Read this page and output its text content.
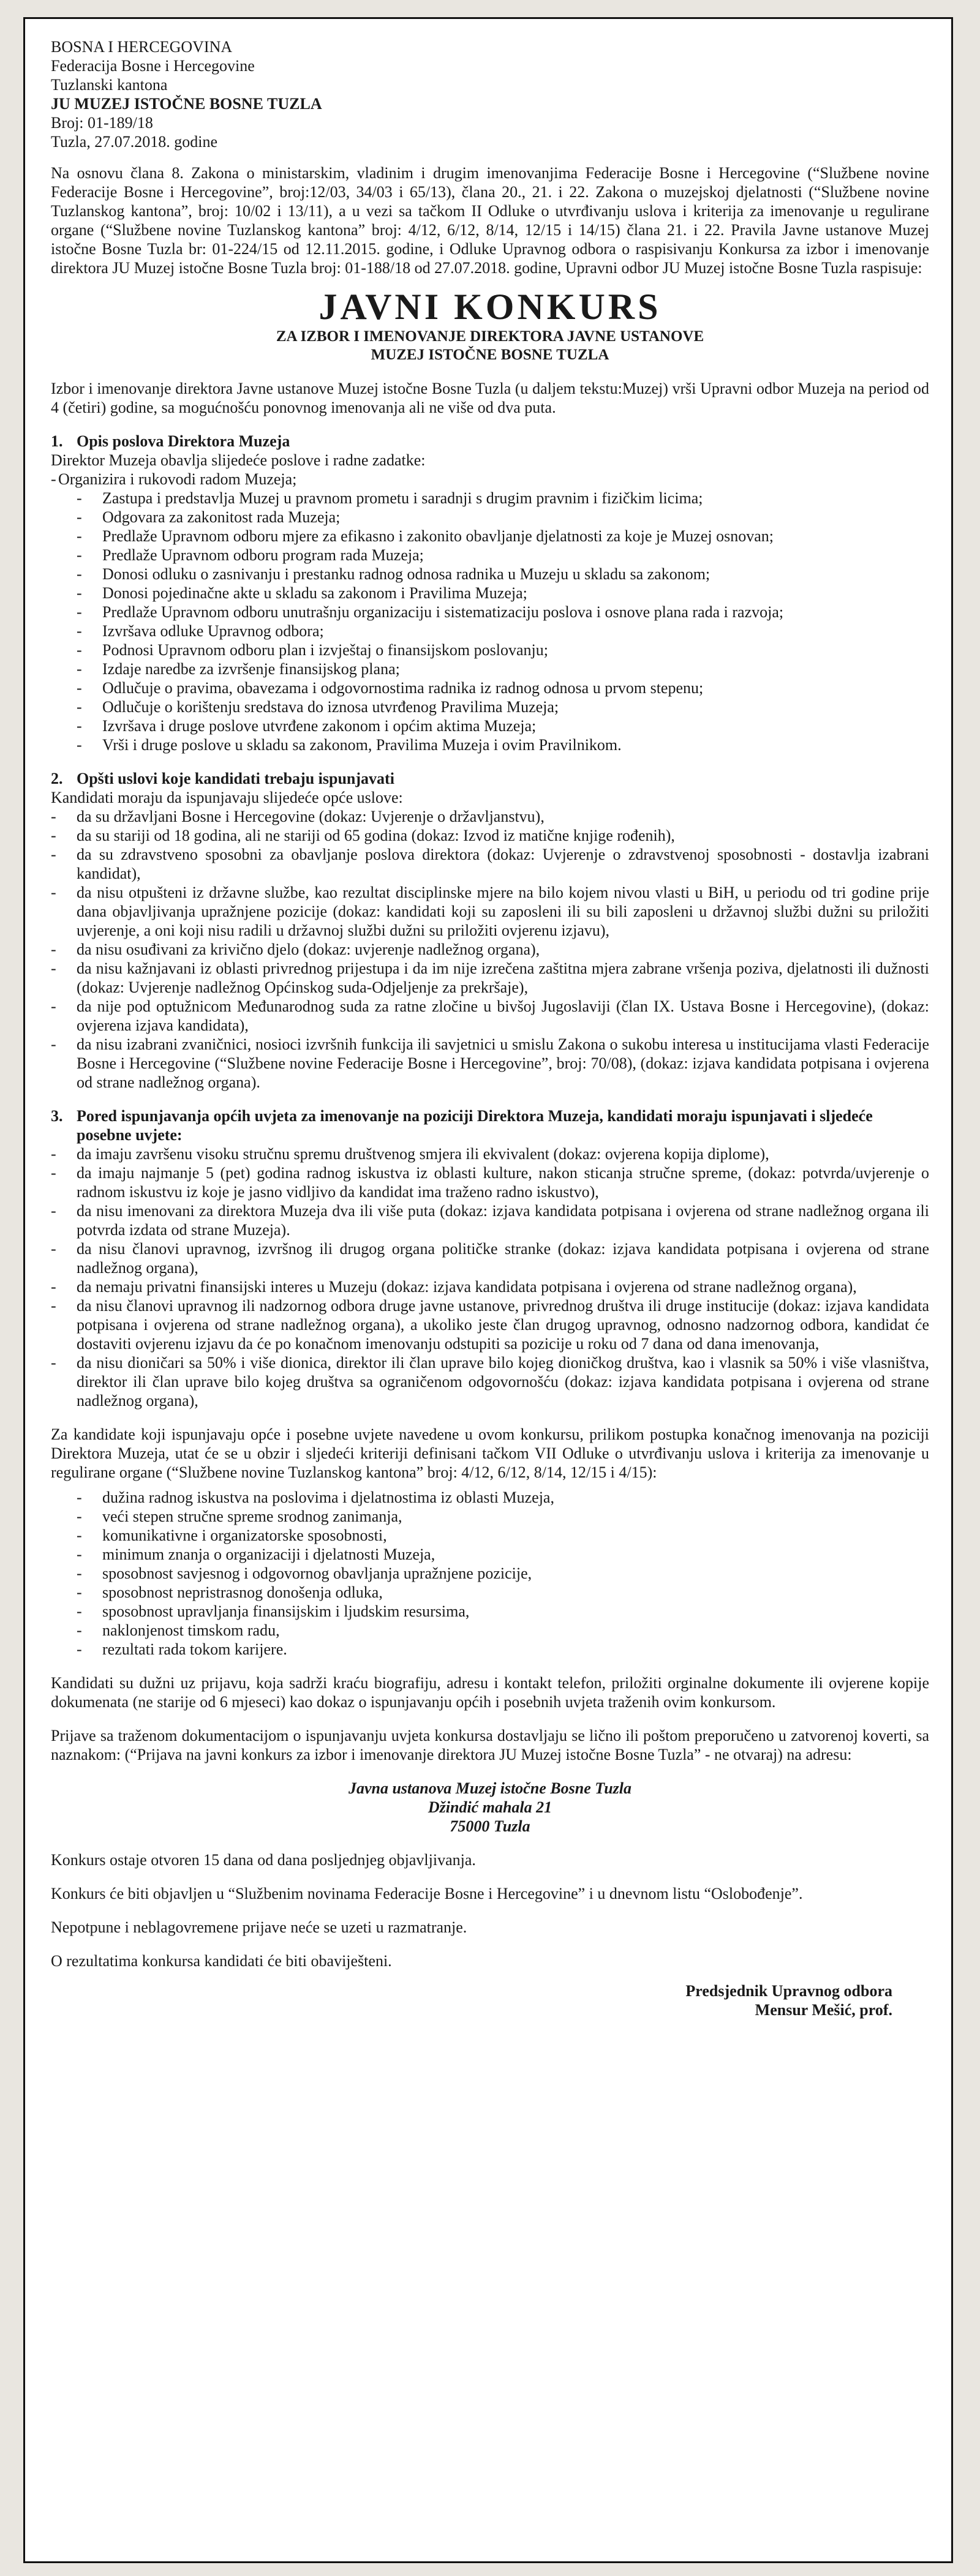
BOSNA I HERCEGOVINA
Federacija Bosne i Hercegovine
Tuzlanski kantona
JU MUZEJ ISTOČNE BOSNE TUZLA
Broj: 01-189/18
Tuzla, 27.07.2018. godine

Na osnovu člana 8. Zakona o ministarskim, vladinim i drugim imenovanjima Federacije Bosne i Hercegovine (“Službene novine Federacije Bosne i Hercegovine”, broj:12/03, 34/03 i 65/13), člana 20., 21. i 22. Zakona o muzejskoj djelatnosti (“Službene novine Tuzlanskog kantona”, broj: 10/02 i 13/11), a u vezi sa tačkom II Odluke o utvrđivanju uslova i kriterija za imenovanje u regulirane organe (“Službene novine Tuzlanskog kantona” broj: 4/12, 6/12, 8/14, 12/15 i 14/15) člana 21. i 22. Pravila Javne ustanove Muzej istočne Bosne Tuzla br: 01-224/15 od 12.11.2015. godine, i Odluke Upravnog odbora o raspisivanju Konkursa za izbor i imenovanje direktora JU Muzej istočne Bosne Tuzla broj: 01-188/18 od 27.07.2018. godine, Upravni odbor JU Muzej istočne Bosne Tuzla raspisuje:

JAVNI KONKURS
ZA IZBOR I IMENOVANJE DIREKTORA JAVNE USTANOVE
MUZEJ ISTOČNE BOSNE TUZLA

Izbor i imenovanje direktora Javne ustanove Muzej istočne Bosne Tuzla (u daljem tekstu:Muzej) vrši Upravni odbor Muzeja na period od 4 (četiri) godine, sa mogućnošću ponovnog imenovanja ali ne više od dva puta.

1. Opis poslova Direktora Muzeja
Direktor Muzeja obavlja slijedeće poslove i radne zadatke:
- Organizira i rukovodi radom Muzeja;
- Zastupa i predstavlja Muzej u pravnom prometu i saradnji s drugim pravnim i fizičkim licima;
- Odgovara za zakonitost rada Muzeja;
- Predlaže Upravnom odboru mjere za efikasno i zakonito obavljanje djelatnosti za koje je Muzej osnovan;
- Predlaže Upravnom odboru program rada Muzeja;
- Donosi odluku o zasnivanju i prestanku radnog odnosa radnika u Muzeju u skladu sa zakonom;
- Donosi pojedinačne akte u skladu sa zakonom i Pravilima Muzeja;
- Predlaže Upravnom odboru unutrašnju organizaciju i sistematizaciju poslova i osnove plana rada i razvoja;
- Izvršava odluke Upravnog odbora;
- Podnosi Upravnom odboru plan i izvještaj o finansijskom poslovanju;
- Izdaje naredbe za izvršenje finansijskog plana;
- Odlučuje o pravima, obavezama i odgovornostima radnika iz radnog odnosa u prvom stepenu;
- Odlučuje o korištenju sredstava do iznosa utvrđenog Pravilima Muzeja;
- Izvršava i druge poslove utvrđene zakonom i općim aktima Muzeja;
- Vrši i druge poslove u skladu sa zakonom, Pravilima Muzeja i ovim Pravilnikom.
2. Opšti uslovi koje kandidati trebaju ispunjavati
Kandidati moraju da ispunjavaju slijedeće opće uslove:
- da su državljani Bosne i Hercegovine (dokaz: Uvjerenje o državljanstvu),
- da su stariji od 18 godina, ali ne stariji od 65 godina (dokaz: Izvod iz matične knjige rođenih),
- da su zdravstveno sposobni za obavljanje poslova direktora (dokaz: Uvjerenje o zdravstvenoj sposobnosti - dostavlja izabrani kandidat),
- da nisu otpušteni iz državne službe, kao rezultat disciplinske mjere na bilo kojem nivou vlasti u BiH, u periodu od tri godine prije dana objavljivanja upražnjene pozicije (dokaz: kandidati koji su zaposleni ili su bili zaposleni u državnoj službi dužni su priložiti uvjerenje, a oni koji nisu radili u državnoj službi dužni su priložiti ovjerenu izjavu),
- da nisu osuđivani za krivično djelo (dokaz: uvjerenje nadležnog organa),
- da nisu kažnjavani iz oblasti privrednog prijestupa i da im nije izrečena zaštitna mjera zabrane vršenja poziva, djelatnosti ili dužnosti (dokaz: Uvjerenje nadležnog Općinskog suda-Odjeljenje za prekršaje),
- da nije pod optužnicom Međunarodnog suda za ratne zločine u bivšoj Jugoslaviji (član IX. Ustava Bosne i Hercegovine), (dokaz: ovjerena izjava kandidata),
- da nisu izabrani zvaničnici, nosioci izvršnih funkcija ili savjetnici u smislu Zakona o sukobu interesa u institucijama vlasti Federacije Bosne i Hercegovine (“Službene novine Federacije Bosne i Hercegovine”, broj: 70/08), (dokaz: izjava kandidata potpisana i ovjerena od strane nadležnog organa).
3. Pored ispunjavanja općih uvjeta za imenovanje na poziciji Direktora Muzeja, kandidati moraju ispunjavati i sljedeće posebne uvjete:
- da imaju završenu visoku stručnu spremu društvenog smjera ili ekvivalent (dokaz: ovjerena kopija diplome),
- da imaju najmanje 5 (pet) godina radnog iskustva iz oblasti kulture, nakon sticanja stručne spreme, (dokaz: potvrda/uvjerenje o radnom iskustvu iz koje je jasno vidljivo da kandidat ima traženo radno iskustvo),
- da nisu imenovani za direktora Muzeja dva ili više puta (dokaz: izjava kandidata potpisana i ovjerena od strane nadležnog organa ili potvrda izdata od strane Muzeja).
- da nisu članovi upravnog, izvršnog ili drugog organa političke stranke (dokaz: izjava kandidata potpisana i ovjerena od strane nadležnog organa),
- da nemaju privatni finansijski interes u Muzeju (dokaz: izjava kandidata potpisana i ovjerena od strane nadležnog organa),
- da nisu članovi upravnog ili nadzornog odbora druge javne ustanove, privrednog društva ili druge institucije (dokaz: izjava kandidata potpisana i ovjerena od strane nadležnog organa), a ukoliko jeste član drugog upravnog, odnosno nadzornog odbora, kandidat će dostaviti ovjerenu izjavu da će po konačnom imenovanju odstupiti sa pozicije u roku od 7 dana od dana imenovanja,
- da nisu dioničari sa 50% i više dionica, direktor ili član uprave bilo kojeg dioničkog društva, kao i vlasnik sa 50% i više vlasništva, direktor ili član uprave bilo kojeg društva sa ograničenom odgovornošću (dokaz: izjava kandidata potpisana i ovjerena od strane nadležnog organa),

Za kandidate koji ispunjavaju opće i posebne uvjete navedene u ovom konkursu, prilikom postupka konačnog imenovanja na poziciji Direktora Muzeja, utat će se u obzir i sljedeći kriteriji definisani tačkom VII Odluke o utvrđivanju uslova i kriterija za imenovanje u regulirane organe (“Službene novine Tuzlanskog kantona” broj: 4/12, 6/12, 8/14, 12/15 i 4/15):

- dužina radnog iskustva na poslovima i djelatnostima iz oblasti Muzeja,
- veći stepen stručne spreme srodnog zanimanja,
- komunikativne i organizatorske sposobnosti,
- minimum znanja o organizaciji i djelatnosti Muzeja,
- sposobnost savjesnog i odgovornog obavljanja upražnjene pozicije,
- sposobnost nepristrasnog donošenja odluka,
- sposobnost upravljanja finansijskim i ljudskim resursima,
- naklonjenost timskom radu,
- rezultati rada tokom karijere.

Kandidati su dužni uz prijavu, koja sadrži kraću biografiju, adresu i kontakt telefon, priložiti orginalne dokumente ili ovjerene kopije dokumenata (ne starije od 6 mjeseci) kao dokaz o ispunjavanju općih i posebnih uvjeta traženih ovim konkursom.

Prijave sa traženom dokumentacijom o ispunjavanju uvjeta konkursa dostavljaju se lično ili poštom preporučeno u zatvorenoj koverti, sa naznakom: (“Prijava na javni konkurs za izbor i imenovanje direktora JU Muzej istočne Bosne Tuzla” - ne otvaraj) na adresu:

Javna ustanova Muzej istočne Bosne Tuzla
Džindić mahala 21
75000 Tuzla

Konkurs ostaje otvoren 15 dana od dana posljednjeg objavljivanja.

Konkurs će biti objavljen u “Službenim novinama Federacije Bosne i Hercegovine” i u dnevnom listu “Oslobođenje”.

Nepotpune i neblagovremene prijave neće se uzeti u razmatranje.

O rezultatima konkursa kandidati će biti obaviješteni.

Predsjednik Upravnog odbora
Mensur Mešić, prof.
